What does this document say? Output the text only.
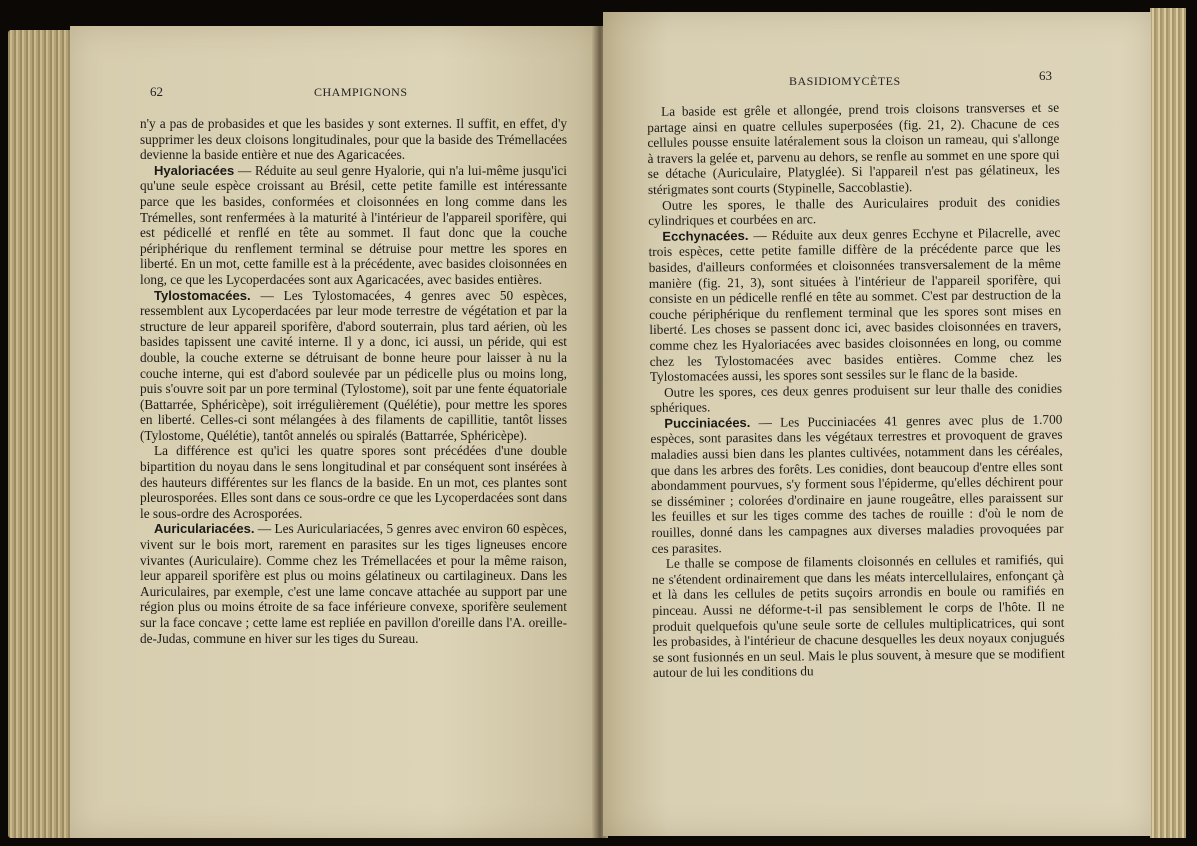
62	CHAMPIGNONS

n'y a pas de probasides et que les basides y sont externes. Il suffit, en effet, d'y supprimer les deux cloisons longitudinales, pour que la baside des Trémellacées devienne la baside entière et nue des Agaricacées.

Hyaloriacées — Réduite au seul genre Hyalorie, qui n'a lui-même jusqu'ici qu'une seule espèce croissant au Brésil, cette petite famille est intéressante parce que les basides, conformées et cloisonnées en long comme dans les Trémelles, sont renfermées à la maturité à l'intérieur de l'appareil sporifère, qui est pédicellé et renflé en tête au sommet. Il faut donc que la couche périphérique du renflement terminal se détruise pour mettre les spores en liberté. En un mot, cette famille est à la précédente, avec basides cloisonnées en long, ce que les Lycoperdacées sont aux Agaricacées, avec basides entières.

Tylostomacées. — Les Tylostomacées, 4 genres avec 50 espèces, ressemblent aux Lycoperdacées par leur mode terrestre de végétation et par la structure de leur appareil sporifère, d'abord souterrain, plus tard aérien, où les basides tapissent une cavité interne. Il y a donc, ici aussi, un péride, qui est double, la couche externe se détruisant de bonne heure pour laisser à nu la couche interne, qui est d'abord soulevée par un pédicelle plus ou moins long, puis s'ouvre soit par un pore terminal (Tylostome), soit par une fente équatoriale (Battarrée, Sphéricèpe), soit irrégulièrement (Quélétie), pour mettre les spores en liberté. Celles-ci sont mélangées à des filaments de capillitie, tantôt lisses (Tylostome, Quélétie), tantôt annelés ou spiralés (Battarrée, Sphéricèpe).

La différence est qu'ici les quatre spores sont précédées d'une double bipartition du noyau dans le sens longitudinal et par conséquent sont insérées à des hauteurs différentes sur les flancs de la baside. En un mot, ces plantes sont pleurosporées. Elles sont dans ce sous-ordre ce que les Lycoperdacées sont dans le sous-ordre des Acrosporées.

Auriculariacées. — Les Auriculariacées, 5 genres avec environ 60 espèces, vivent sur le bois mort, rarement en parasites sur les tiges ligneuses encore vivantes (Auriculaire). Comme chez les Trémellacées et pour la même raison, leur appareil sporifère est plus ou moins gélatineux ou cartilagineux. Dans les Auriculaires, par exemple, c'est une lame concave attachée au support par une région plus ou moins étroite de sa face inférieure convexe, sporifère seulement sur la face concave ; cette lame est repliée en pavillon d'oreille dans l'A. oreille-de-Judas, commune en hiver sur les tiges du Sureau.

BASIDIOMYCÈTES	63

La baside est grêle et allongée, prend trois cloisons transverses et se partage ainsi en quatre cellules superposées (fig. 21, 2). Chacune de ces cellules pousse ensuite latéralement sous la cloison un rameau, qui s'allonge à travers la gelée et, parvenu au dehors, se renfle au sommet en une spore qui se détache (Auriculaire, Platyglée). Si l'appareil n'est pas gélatineux, les stérigmates sont courts (Stypinelle, Saccoblastie).

Outre les spores, le thalle des Auriculaires produit des conidies cylindriques et courbées en arc.

Ecchynacées. — Réduite aux deux genres Ecchyne et Pilacrelle, avec trois espèces, cette petite famille diffère de la précédente parce que les basides, d'ailleurs conformées et cloisonnées transversalement de la même manière (fig. 21, 3), sont situées à l'intérieur de l'appareil sporifère, qui consiste en un pédicelle renflé en tête au sommet. C'est par destruction de la couche périphérique du renflement terminal que les spores sont mises en liberté. Les choses se passent donc ici, avec basides cloisonnées en travers, comme chez les Hyaloriacées avec basides cloisonnées en long, ou comme chez les Tylostomacées avec basides entières. Comme chez les Tylostomacées aussi, les spores sont sessiles sur le flanc de la baside.

Outre les spores, ces deux genres produisent sur leur thalle des conidies sphériques.

Pucciniacées. — Les Pucciniacées 41 genres avec plus de 1.700 espèces, sont parasites dans les végétaux terrestres et provoquent de graves maladies aussi bien dans les plantes cultivées, notamment dans les céréales, que dans les arbres des forêts. Les conidies, dont beaucoup d'entre elles sont abondamment pourvues, s'y forment sous l'épiderme, qu'elles déchirent pour se disséminer ; colorées d'ordinaire en jaune rougeâtre, elles paraissent sur les feuilles et sur les tiges comme des taches de rouille : d'où le nom de rouilles, donné dans les campagnes aux diverses maladies provoquées par ces parasites.

Le thalle se compose de filaments cloisonnés en cellules et ramifiés, qui ne s'étendent ordinairement que dans les méats intercellulaires, enfonçant çà et là dans les cellules de petits suçoirs arrondis en boule ou ramifiés en pinceau. Aussi ne déforme-t-il pas sensiblement le corps de l'hôte. Il ne produit quelquefois qu'une seule sorte de cellules multiplicatrices, qui sont les probasides, à l'intérieur de chacune desquelles les deux noyaux conjugués se sont fusionnés en un seul. Mais le plus souvent, à mesure que se modifient autour de lui les conditions du
